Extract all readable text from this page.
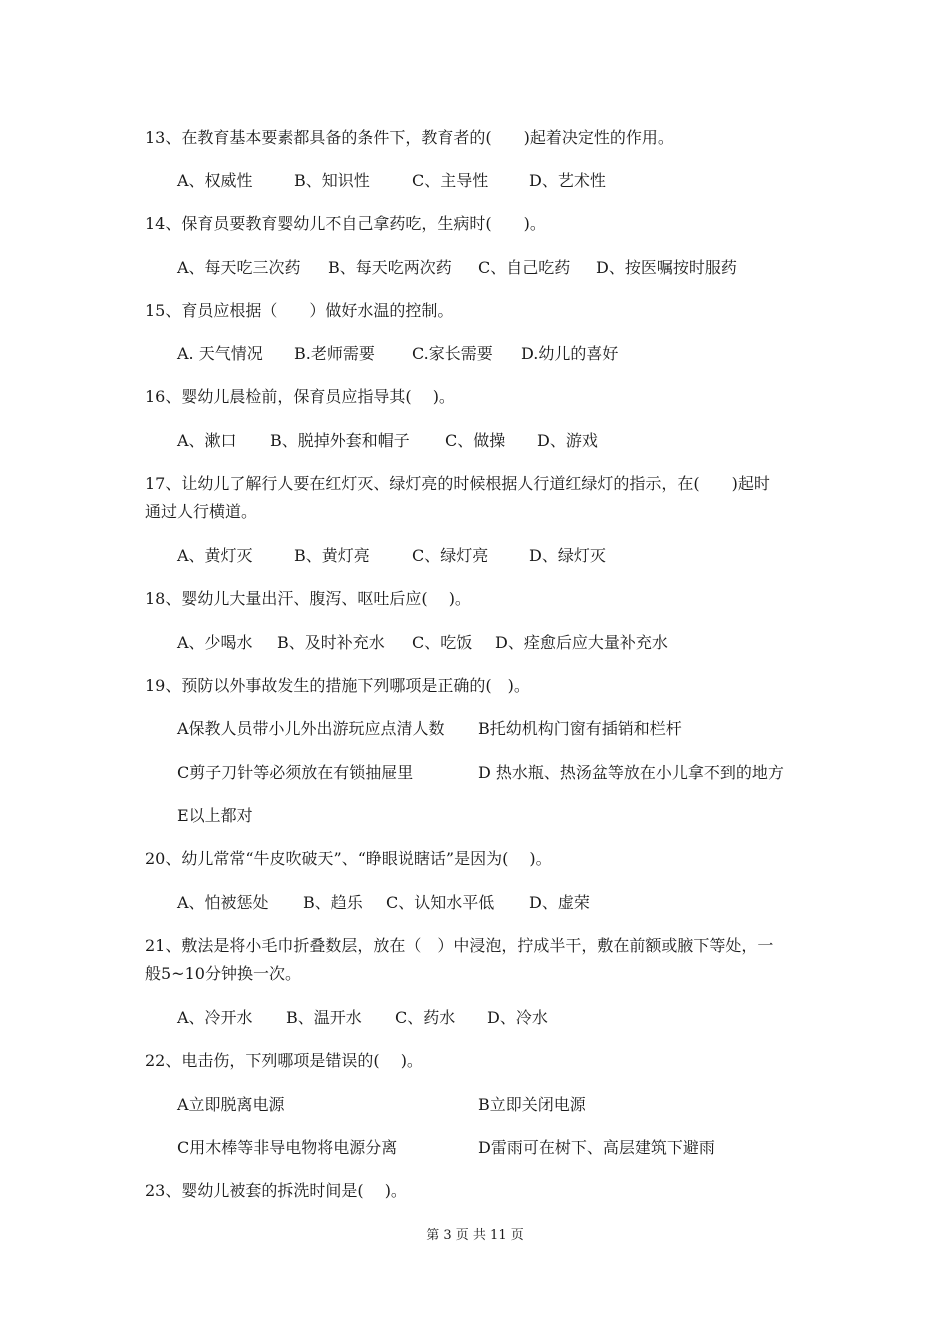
13、在教育基本要素都具备的条件下，教育者的(　　)起着决定性的作用。
A、权威性	B、知识性	C、主导性	D、艺术性
14、保育员要教育婴幼儿不自己拿药吃，生病时(　　)。
A、每天吃三次药 B、每天吃两次药 C、自己吃药 D、按医嘱按时服药
15、育员应根据（　　）做好水温的控制。
A. 天气情况 B.老师需要 C.家长需要 D.幼儿的喜好
16、婴幼儿晨检前，保育员应指导其(　 )。
A、漱口 B、脱掉外套和帽子 C、做操 D、游戏
17、让幼儿了解行人要在红灯灭、绿灯亮的时候根据人行道红绿灯的指示，在(　　)起时
通过人行横道。
A、黄灯灭	B、黄灯亮	C、绿灯亮	D、绿灯灭
18、婴幼儿大量出汗、腹泻、呕吐后应(　 )。
A、少喝水 B、及时补充水 C、吃饭 D、痊愈后应大量补充水
19、预防以外事故发生的措施下列哪项是正确的(　)。
A保教人员带小儿外出游玩应点清人数 B托幼机构门窗有插销和栏杆
C剪子刀针等必须放在有锁抽屉里	D 热水瓶、热汤盆等放在小儿拿不到的地方
E以上都对
20、幼儿常常“牛皮吹破天”、“睁眼说瞎话”是因为(　 )。
A、怕被惩处 B、趋乐 C、认知水平低 D、虚荣
21、敷法是将小毛巾折叠数层，放在（　）中浸泡，拧成半干，敷在前额或腋下等处，一
般5~10分钟换一次。
A、冷开水 B、温开水 C、药水 D、冷水
22、电击伤，下列哪项是错误的(　 )。
A立即脱离电源	B立即关闭电源
C用木棒等非导电物将电源分离	D雷雨可在树下、高层建筑下避雨
23、婴幼儿被套的拆洗时间是(　 )。
第 3 页 共 11 页
